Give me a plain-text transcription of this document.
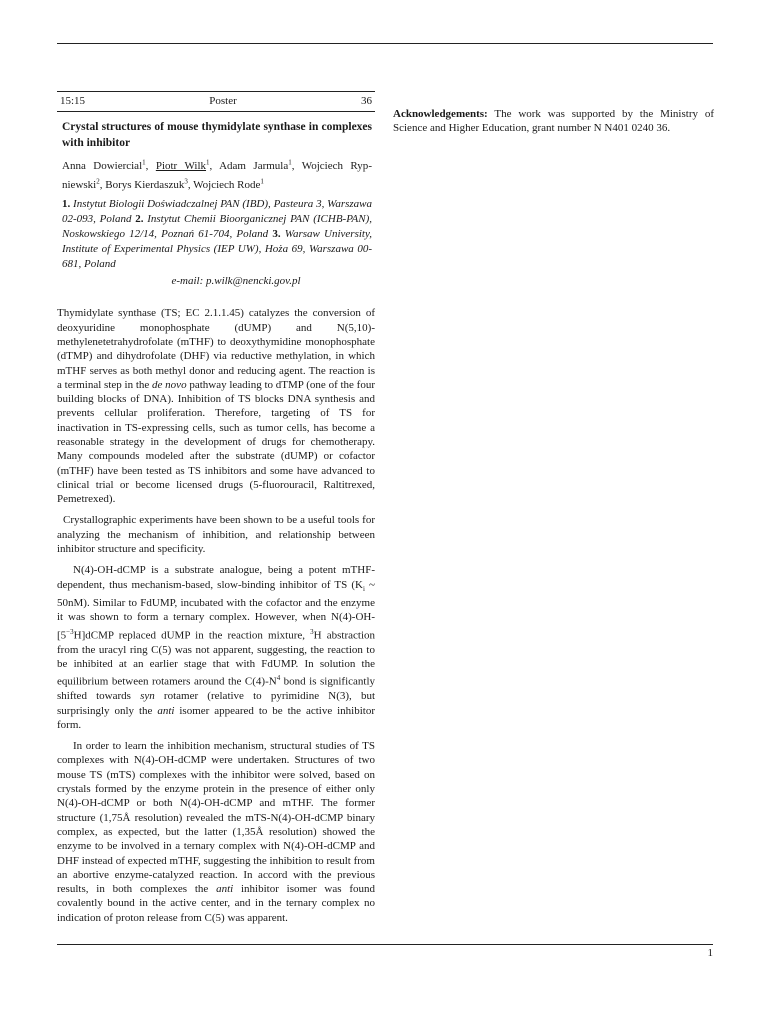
15:15	Poster	36
Crystal structures of mouse thymidylate synthase in complexes with inhibitor
Anna Dowiercial$^1$, Piotr Wilk$^1$, Adam Jarmula$^1$, Wojciech Rypniewski$^2$, Borys Kierdaszuk$^3$, Wojciech Rode$^1$
1. Instytut Biologii Doświadczalnej PAN (IBD), Pasteura 3, Warszawa 02-093, Poland 2. Instytut Chemii Bioorganicznej PAN (ICHB-PAN), Noskowskiego 12/14, Poznań 61-704, Poland 3. Warsaw University, Institute of Experimental Physics (IEP UW), Hoża 69, Warszawa 00-681, Poland
e-mail: p.wilk@nencki.gov.pl

Thymidylate synthase (TS; EC 2.1.1.45) catalyzes the conversion of deoxyuridine monophosphate (dUMP) and N(5,10)-methylenetetrahydrofolate (mTHF) to deoxythymidine monophosphate (dTMP) and dihydrofolate (DHF) via reductive methylation, in which mTHF serves as both methyl donor and reducing agent. The reaction is a terminal step in the de novo pathway leading to dTMP (one of the four building blocks of DNA). Inhibition of TS blocks DNA synthesis and prevents cellular proliferation. Therefore, targeting of TS for inactivation in TS-expressing cells, such as tumor cells, has become a reasonable strategy in the development of drugs for chemotherapy. Many compounds modeled after the substrate (dUMP) or cofactor (mTHF) have been tested as TS inhibitors and some have advanced to clinical trial or become licensed drugs (5-fluorouracil, Raltitrexed, Pemetrexed).

Crystallographic experiments have been shown to be a useful tools for analyzing the mechanism of inhibition, and relationship between inhibitor structure and specificity.

N(4)-OH-dCMP is a substrate analogue, being a potent mTHF-dependent, thus mechanism-based, slow-binding inhibitor of TS ($K_i$ ~ 50nM). Similar to FdUMP, incubated with the cofactor and the enzyme it was shown to form a ternary complex. However, when $N(4)-OH-[5^{-3}H]dCMP$ replaced dUMP in the reaction mixture, $^3$H abstraction from the uracyl ring C(5) was not apparent, suggesting, the reaction to be inhibited at an earlier stage that with FdUMP. In solution the equilibrium between rotamers around the $C(4)-N^4$ bond is significantly shifted towards syn rotamer (relative to pyrimidine N(3), but surprisingly only the anti isomer appeared to be the active inhibitor form.

In order to learn the inhibition mechanism, structural studies of TS complexes with N(4)-OH-dCMP were undertaken. Structures of two mouse TS (mTS) complexes with the inhibitor were solved, based on crystals formed by the enzyme protein in the presence of either only N(4)-OH-dCMP or both N(4)-OH-dCMP and mTHF. The former structure (1,75Å resolution) revealed the mTS-N(4)-OH-dCMP binary complex, as expected, but the latter (1,35Å resolution) showed the enzyme to be involved in a ternary complex with N(4)-OH-dCMP and DHF instead of expected mTHF, suggesting the inhibition to result from an abortive enzyme-catalyzed reaction. In accord with the previous results, in both complexes the anti inhibitor isomer was found covalently bound in the active center, and in the ternary complex no indication of proton release from C(5) was apparent.

Acknowledgements: The work was supported by the Ministry of Science and Higher Education, grant number N N401 0240 36.
1
